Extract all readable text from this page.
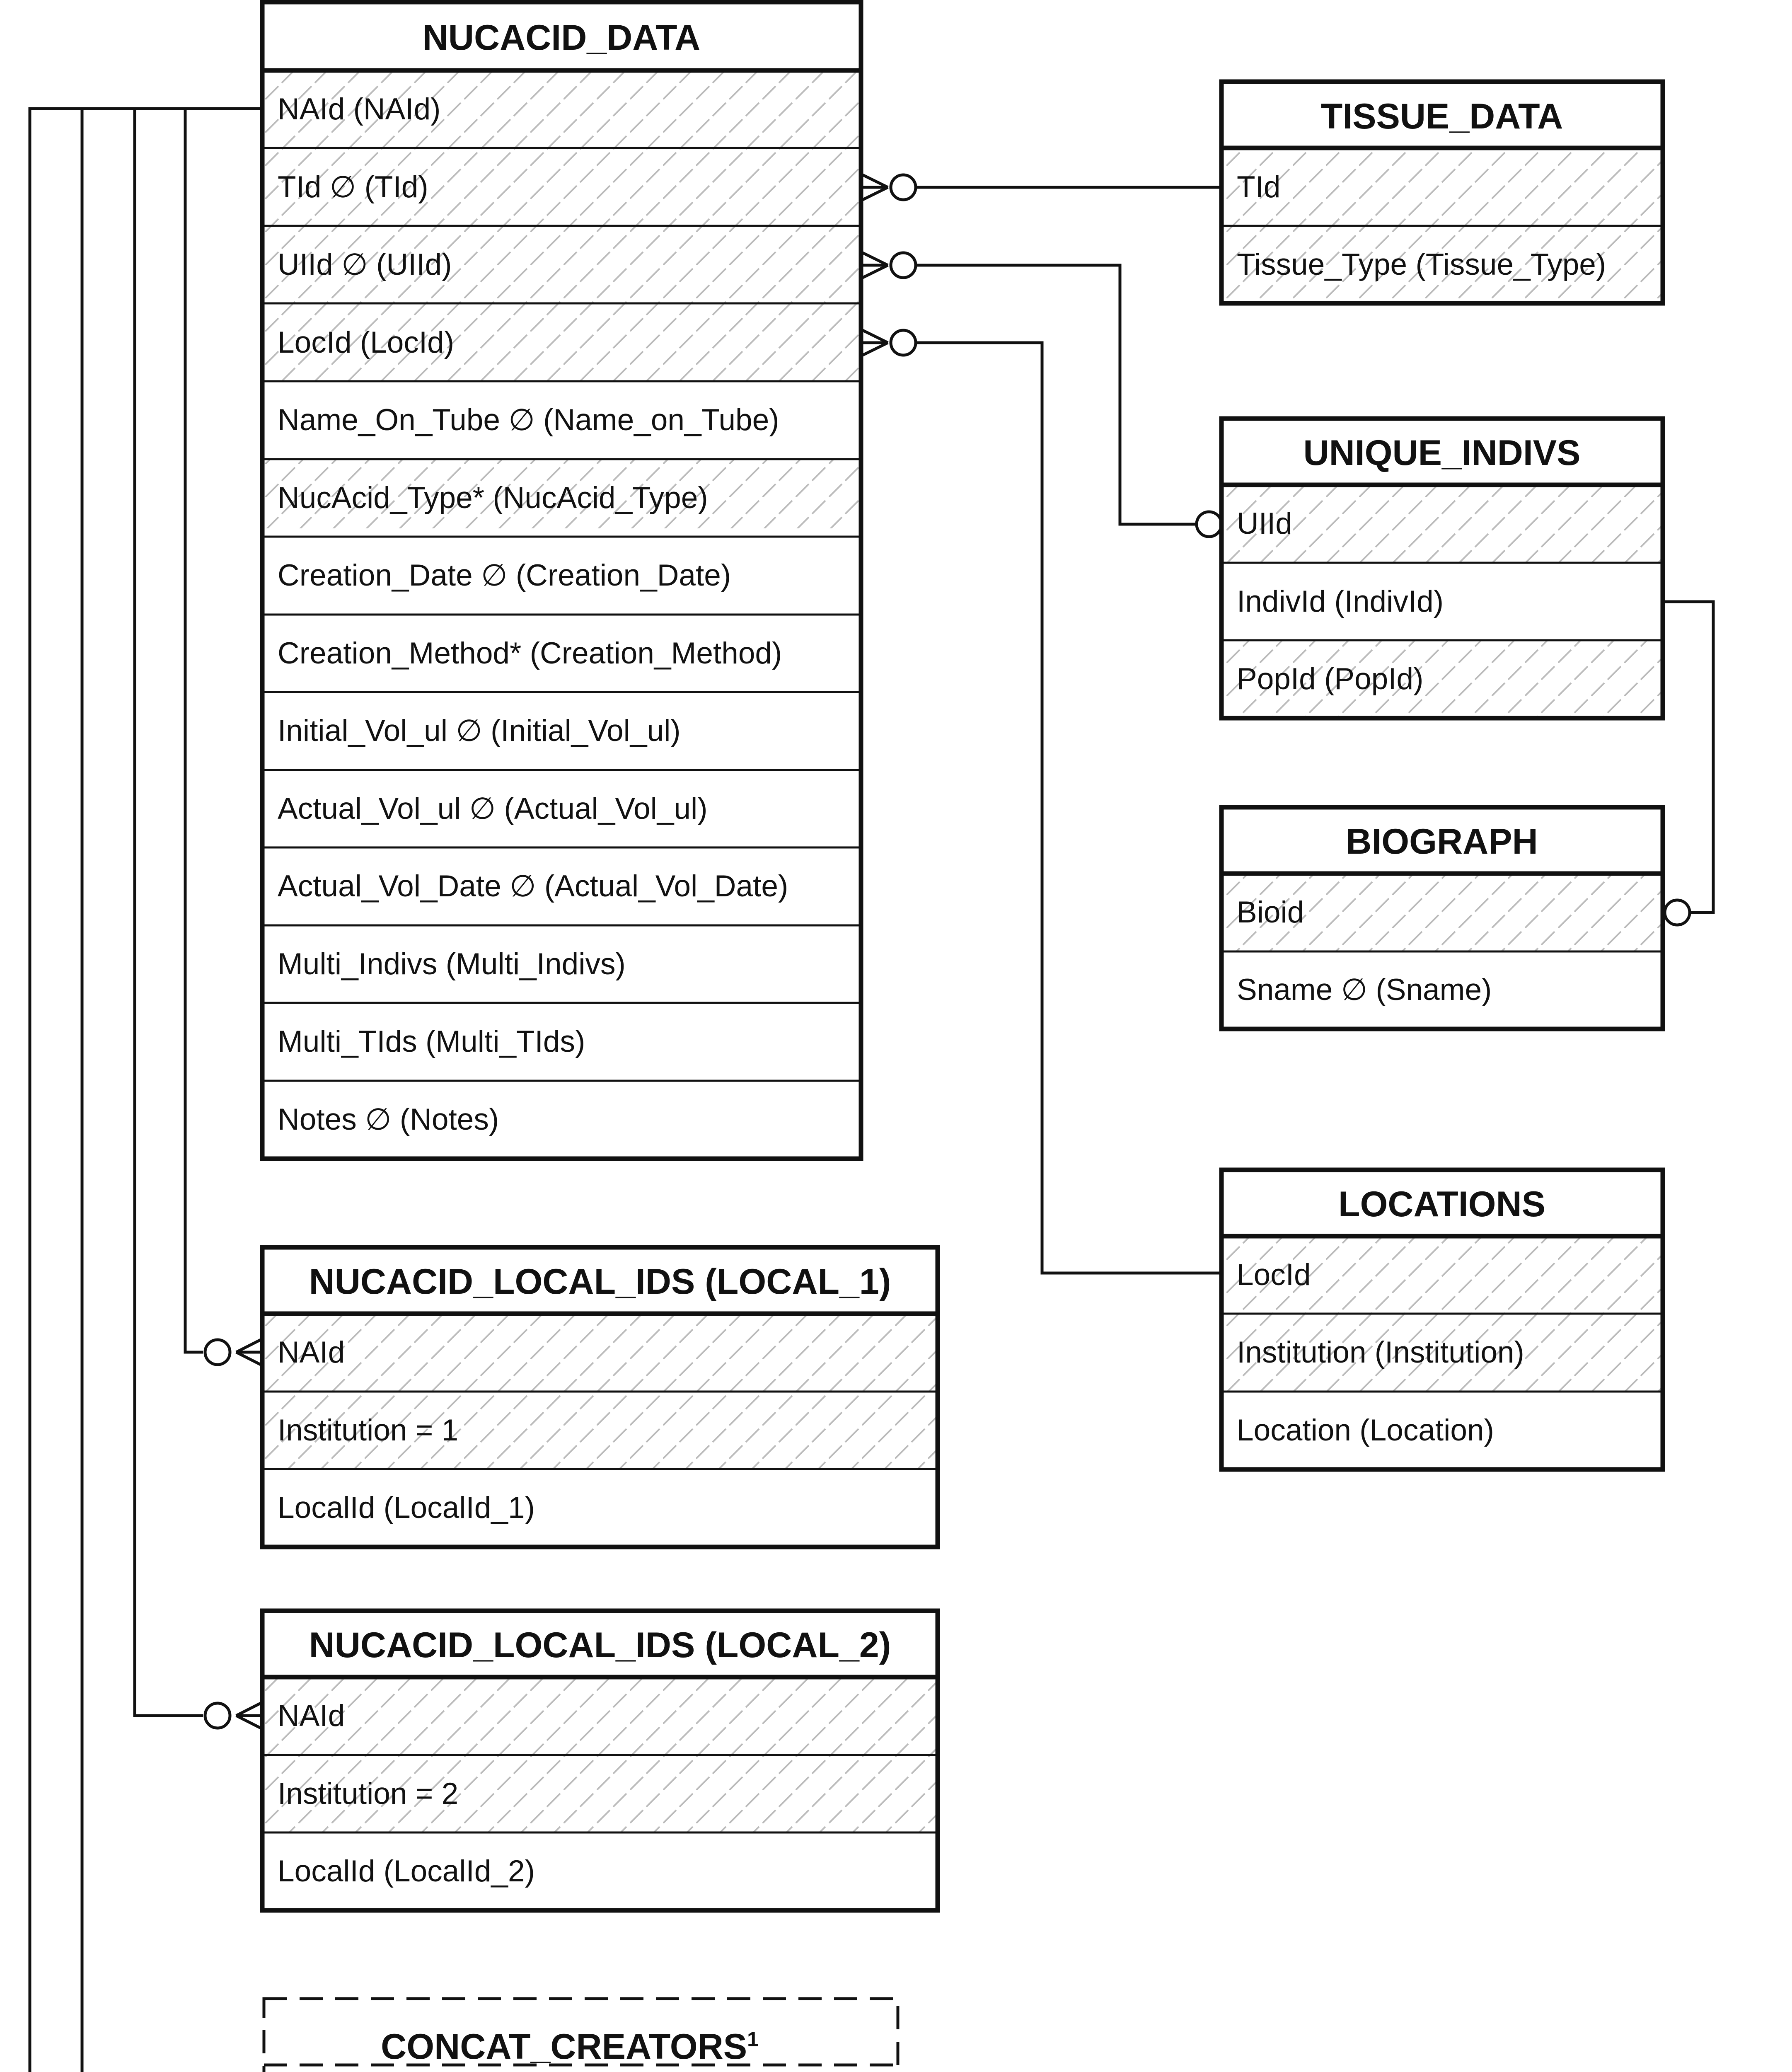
NUCACID_DATA
NAId (NAId)
TId ∅ (TId)
UIId ∅ (UIId)
LocId (LocId)
Name_On_Tube ∅ (Name_on_Tube)
NucAcid_Type* (NucAcid_Type)
Creation_Date ∅ (Creation_Date)
Creation_Method* (Creation_Method)
Initial_Vol_ul ∅ (Initial_Vol_ul)
Actual_Vol_ul ∅ (Actual_Vol_ul)
Actual_Vol_Date ∅ (Actual_Vol_Date)
Multi_Indivs (Multi_Indivs)
Multi_TIds (Multi_TIds)
Notes ∅ (Notes)
TISSUE_DATA
TId
Tissue_Type (Tissue_Type)
UNIQUE_INDIVS
UIId
IndivId (IndivId)
PopId (PopId)
BIOGRAPH
Bioid
Sname ∅ (Sname)
LOCATIONS
LocId
Institution (Institution)
Location (Location)
NUCACID_LOCAL_IDS (LOCAL_1)
NAId
Institution = 1
LocalId (LocalId_1)
NUCACID_LOCAL_IDS (LOCAL_2)
NAId
Institution = 2
LocalId (LocalId_2)
CONCAT_CREATORS$^1$
